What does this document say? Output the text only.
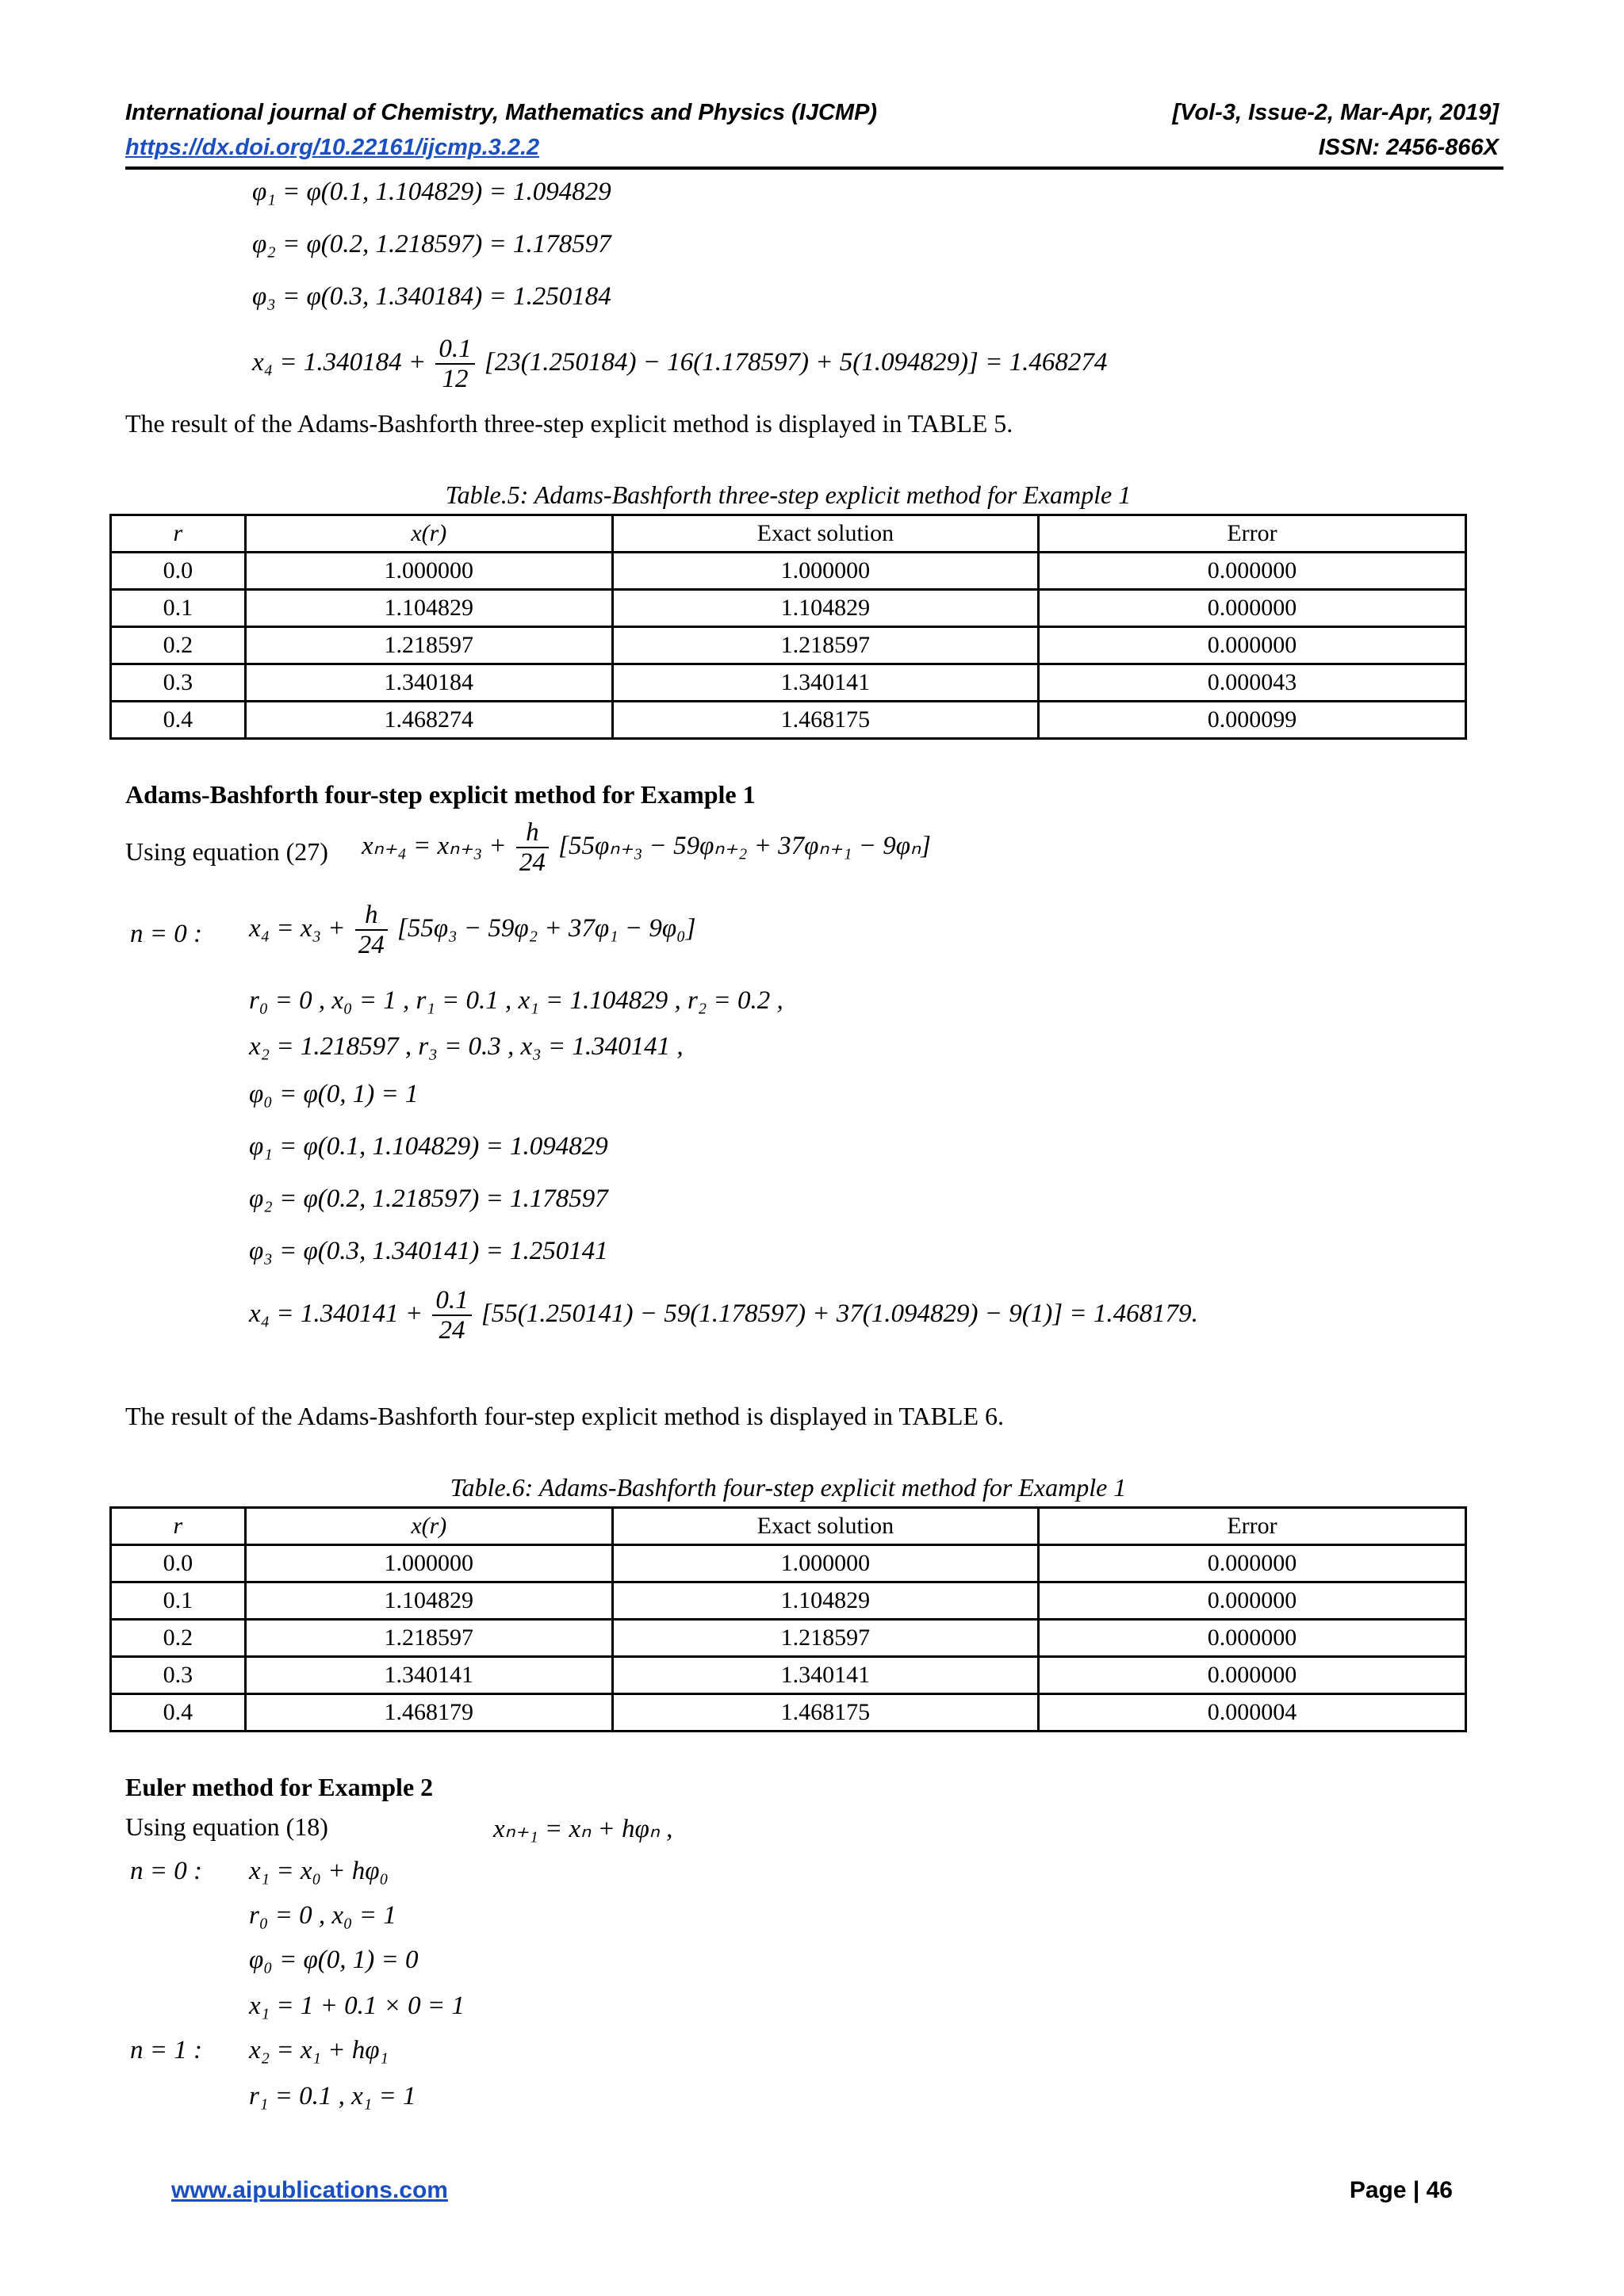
International journal of Chemistry, Mathematics and Physics (IJCMP)	[Vol-3, Issue-2, Mar-Apr, 2019]
https://dx.doi.org/10.22161/ijcmp.3.2.2	ISSN: 2456-866X
φ₁ = φ(0.1, 1.104829) = 1.094829
φ₂ = φ(0.2, 1.218597) = 1.178597
φ₃ = φ(0.3, 1.340184) = 1.250184
$x_4 = 1.340184 + \frac{0.1}{12} [23(1.250184) - 16(1.178597) + 5(1.094829)] = 1.468274$
The result of the Adams-Bashforth three-step explicit method is displayed in TABLE 5.
Table.5: Adams-Bashforth three-step explicit method for Example 1
r	x(r)	Exact solution	Error
0.0	1.000000	1.000000	0.000000
0.1	1.104829	1.104829	0.000000
0.2	1.218597	1.218597	0.000000
0.3	1.340184	1.340141	0.000043
0.4	1.468274	1.468175	0.000099
Adams-Bashforth four-step explicit method for Example 1
Using equation (27) $x_{n+4} = x_{n+3} + \frac{h}{24} [55\varphi_{n+3} - 59\varphi_{n+2} + 37\varphi_{n+1} - 9\varphi_n]$
n = 0 : $x_4 = x_3 + \frac{h}{24} [55\varphi_3 - 59\varphi_2 + 37\varphi_1 - 9\varphi_0]$
r₀ = 0 , x₀ = 1 , r₁ = 0.1 , x₁ = 1.104829 , r₂ = 0.2 ,
x₂ = 1.218597 , r₃ = 0.3 , x₃ = 1.340141 ,
φ₀ = φ(0, 1) = 1
φ₁ = φ(0.1, 1.104829) = 1.094829
φ₂ = φ(0.2, 1.218597) = 1.178597
φ₃ = φ(0.3, 1.340141) = 1.250141
$x_4 = 1.340141 + \frac{0.1}{24} [55(1.250141) - 59(1.178597) + 37(1.094829) - 9(1)] = 1.468179$.
The result of the Adams-Bashforth four-step explicit method is displayed in TABLE 6.
Table.6: Adams-Bashforth four-step explicit method for Example 1
r	x(r)	Exact solution	Error
0.0	1.000000	1.000000	0.000000
0.1	1.104829	1.104829	0.000000
0.2	1.218597	1.218597	0.000000
0.3	1.340141	1.340141	0.000000
0.4	1.468179	1.468175	0.000004
Euler method for Example 2
Using equation (18)	xₙ₊₁ = xₙ + hφₙ ,
n = 0 : x₁ = x₀ + hφ₀
r₀ = 0 , x₀ = 1
φ₀ = φ(0, 1) = 0
x₁ = 1 + 0.1 × 0 = 1
n = 1 : x₂ = x₁ + hφ₁
r₁ = 0.1 , x₁ = 1
www.aipublications.com	Page | 46
